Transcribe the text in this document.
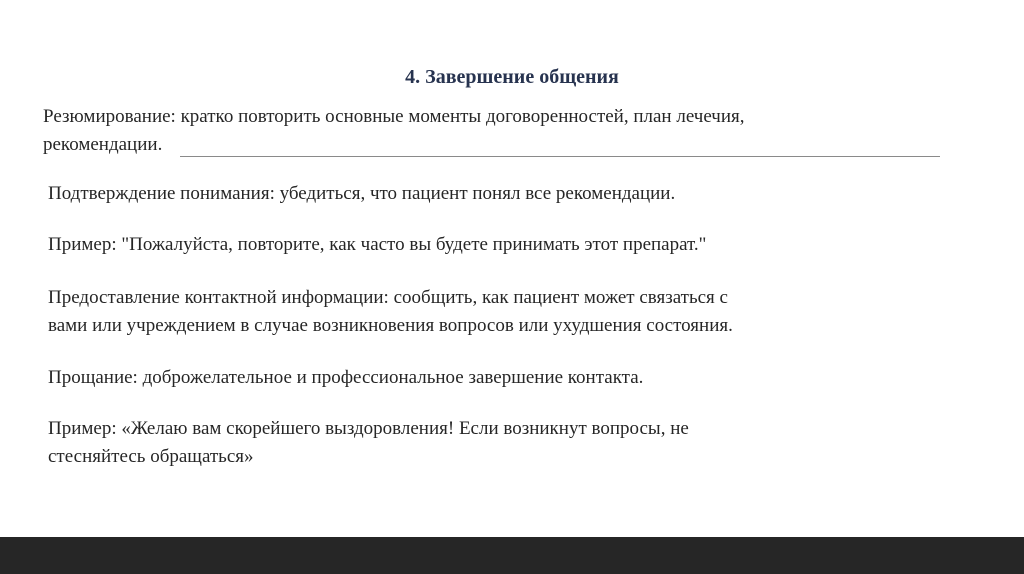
4. Завершение общения
Резюмирование: кратко повторить основные моменты договоренностей, план лечечия,
рекомендации.
Подтверждение понимания: убедиться, что пациент понял все рекомендации.
Пример: "Пожалуйста, повторите, как часто вы будете принимать этот препарат."
Предоставление контактной информации: сообщить, как пациент может связаться с
вами или учреждением в случае возникновения вопросов или ухудшения состояния.
Прощание: доброжелательное и профессиональное завершение контакта.
Пример: «Желаю вам скорейшего выздоровления! Если возникнут вопросы, не
стесняйтесь обращаться»
